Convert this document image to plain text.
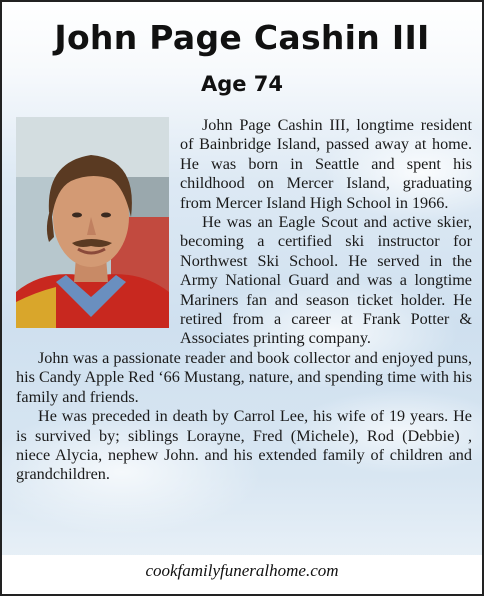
John Page Cashin III
Age 74

John Page Cashin III, longtime resident of Bainbridge Island, passed away at home. He was born in Seattle and spent his childhood on Mercer Island, graduating from Mercer Island High School in 1966.

He was an Eagle Scout and active skier, becoming a certified ski instructor for Northwest Ski School. He served in the Army National Guard and was a longtime Mariners fan and season ticket holder. He retired from a career at Frank Potter & Associates printing company.

John was a passionate reader and book collector and enjoyed puns, his Candy Apple Red ‘66 Mustang, nature, and spending time with his family and friends.

He was preceded in death by Carrol Lee, his wife of 19 years. He is survived by; siblings Lorayne, Fred (Michele), Rod (Debbie) , niece Alycia, nephew John. and his extended family of children and grandchildren.

cookfamilyfuneralhome.com
